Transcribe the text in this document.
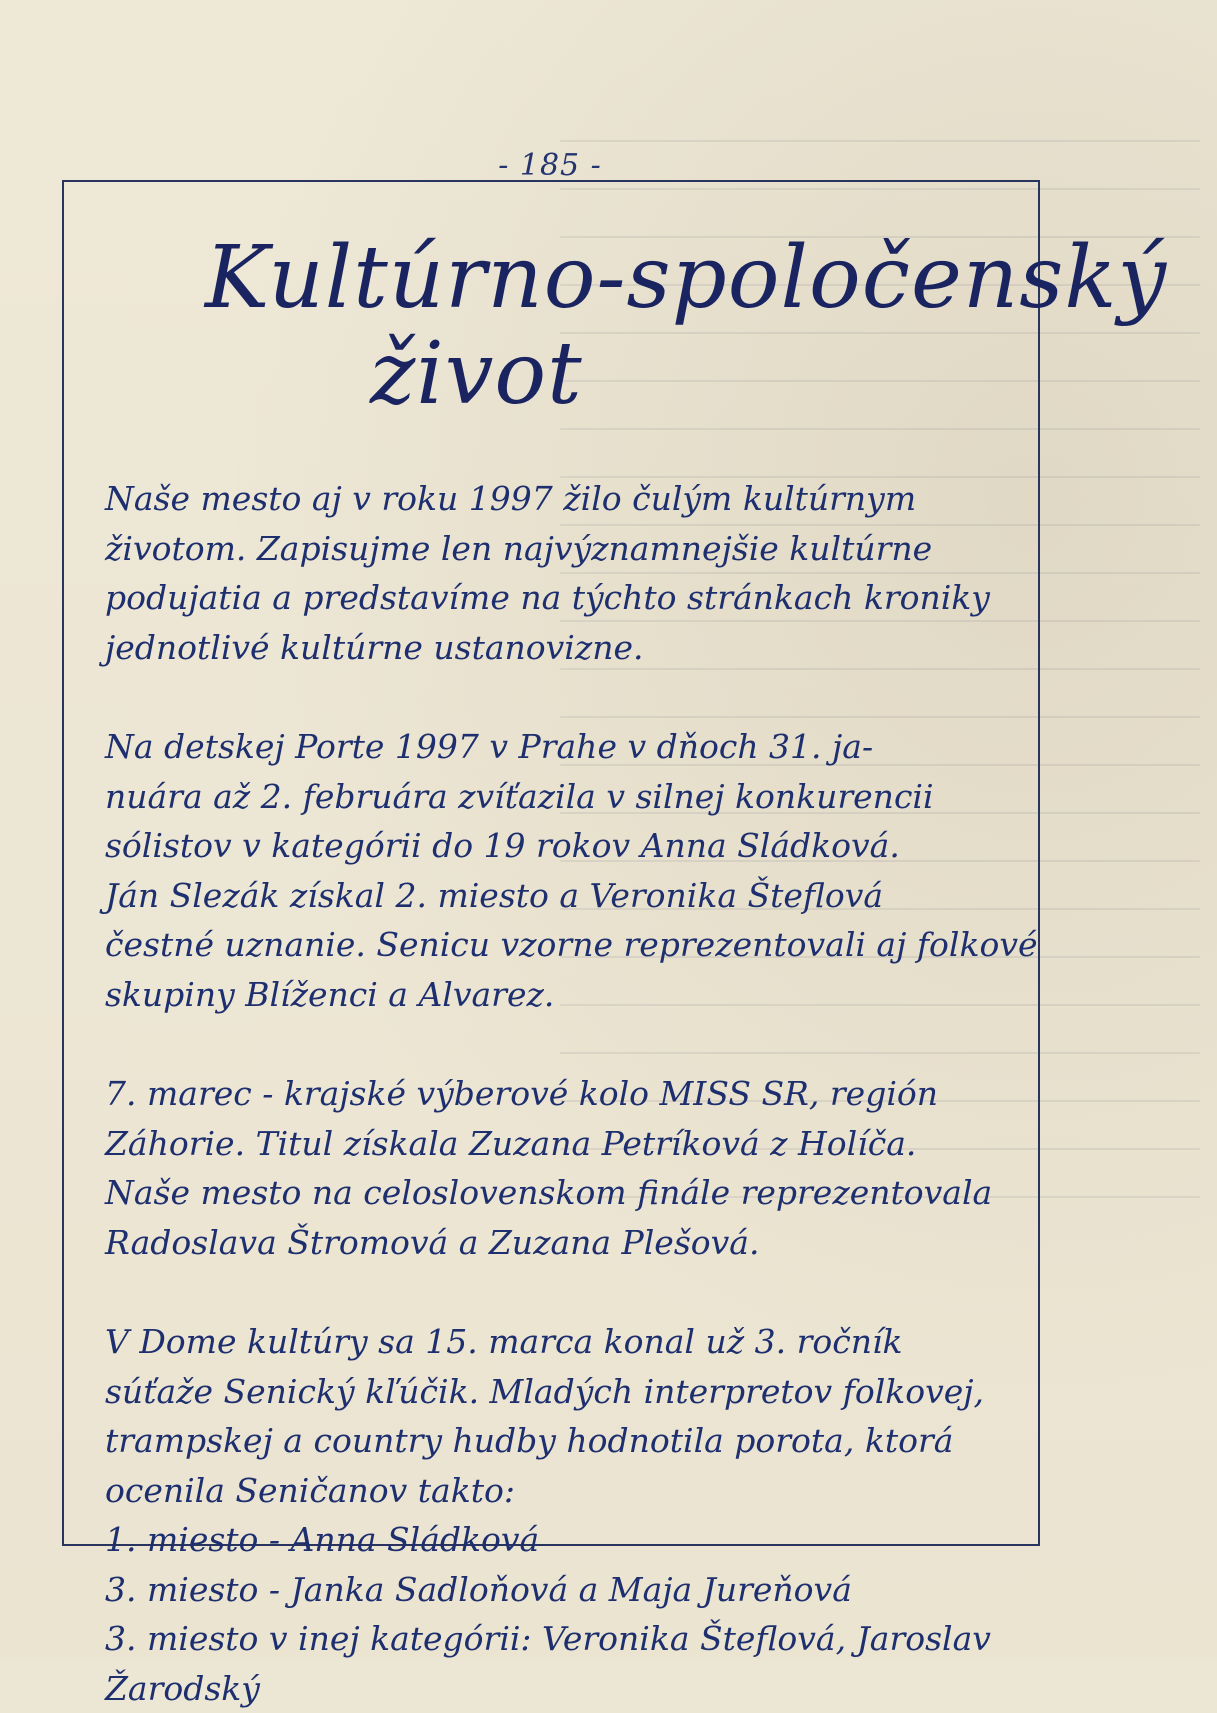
- 185 -
Kultúrno-spoločenský
život

Naše mesto aj v roku 1997 žilo čulým kultúrnym
životom. Zapisujme len najvýznamnejšie kultúrne
podujatia a predstavíme na týchto stránkach kroniky
jednotlivé kultúrne ustanovizne.

Na detskej Porte 1997 v Prahe v dňoch 31. ja-
nuára až 2. februára zvíťazila v silnej konkurencii
sólistov v kategórii do 19 rokov Anna Sládková.
Ján Slezák získal 2. miesto a Veronika Šteflová
čestné uznanie. Senicu vzorne reprezentovali aj folkové
skupiny Blíženci a Alvarez.

7. marec - krajské výberové kolo MISS SR, región
Záhorie. Titul získala Zuzana Petríková z Holíča.
Naše mesto na celoslovenskom finále reprezentovala
Radoslava Štromová a Zuzana Plešová.

V Dome kultúry sa 15. marca konal už 3. ročník
súťaže Senický kľúčik. Mladých interpretov folkovej,
trampskej a country hudby hodnotila porota, ktorá
ocenila Seničanov takto:

1. miesto - Anna Sládková
3. miesto - Janka Sadloňová a Maja Jureňová
3. miesto v inej kategórii: Veronika Šteflová, Jaroslav Žarodský
